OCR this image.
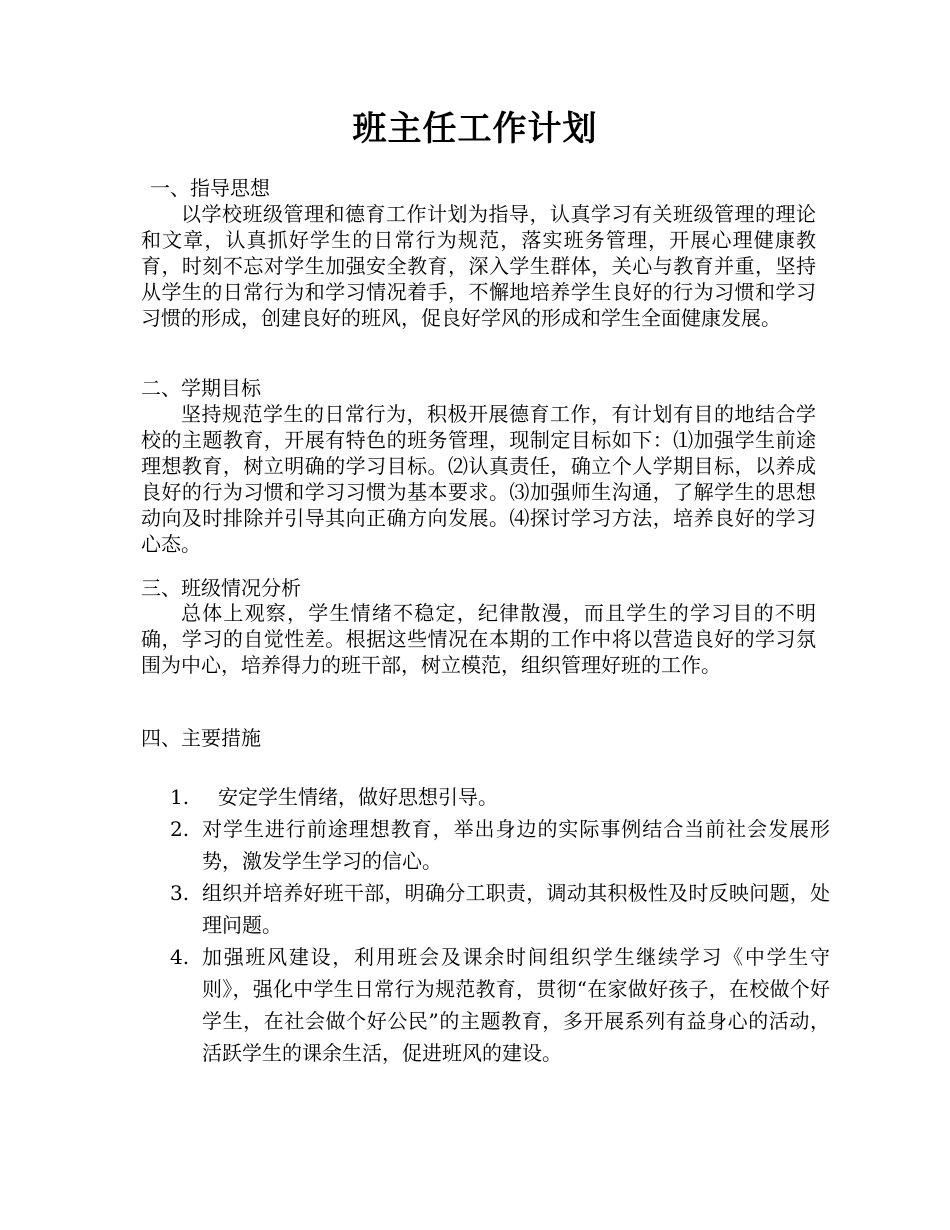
班主任工作计划
一、指导思想
以学校班级管理和德育工作计划为指导，认真学习有关班级管理的理论和文章，认真抓好学生的日常行为规范，落实班务管理，开展心理健康教育，时刻不忘对学生加强安全教育，深入学生群体，关心与教育并重，坚持从学生的日常行为和学习情况着手，不懈地培养学生良好的行为习惯和学习习惯的形成，创建良好的班风，促良好学风的形成和学生全面健康发展。
二、学期目标
坚持规范学生的日常行为，积极开展德育工作，有计划有目的地结合学校的主题教育，开展有特色的班务管理，现制定目标如下：⑴加强学生前途理想教育，树立明确的学习目标。⑵认真责任，确立个人学期目标，以养成良好的行为习惯和学习习惯为基本要求。⑶加强师生沟通，了解学生的思想动向及时排除并引导其向正确方向发展。⑷探讨学习方法，培养良好的学习心态。
三、班级情况分析
总体上观察，学生情绪不稳定，纪律散漫，而且学生的学习目的不明确，学习的自觉性差。根据这些情况在本期的工作中将以营造良好的学习氛围为中心，培养得力的班干部，树立模范，组织管理好班的工作。
四、主要措施
1.	安定学生情绪，做好思想引导。
2. 对学生进行前途理想教育，举出身边的实际事例结合当前社会发展形势，激发学生学习的信心。
3. 组织并培养好班干部，明确分工职责，调动其积极性及时反映问题，处理问题。
4. 加强班风建设，利用班会及课余时间组织学生继续学习《中学生守则》，强化中学生日常行为规范教育，贯彻“在家做好孩子，在校做个好学生，在社会做个好公民”的主题教育，多开展系列有益身心的活动，活跃学生的课余生活，促进班风的建设。
